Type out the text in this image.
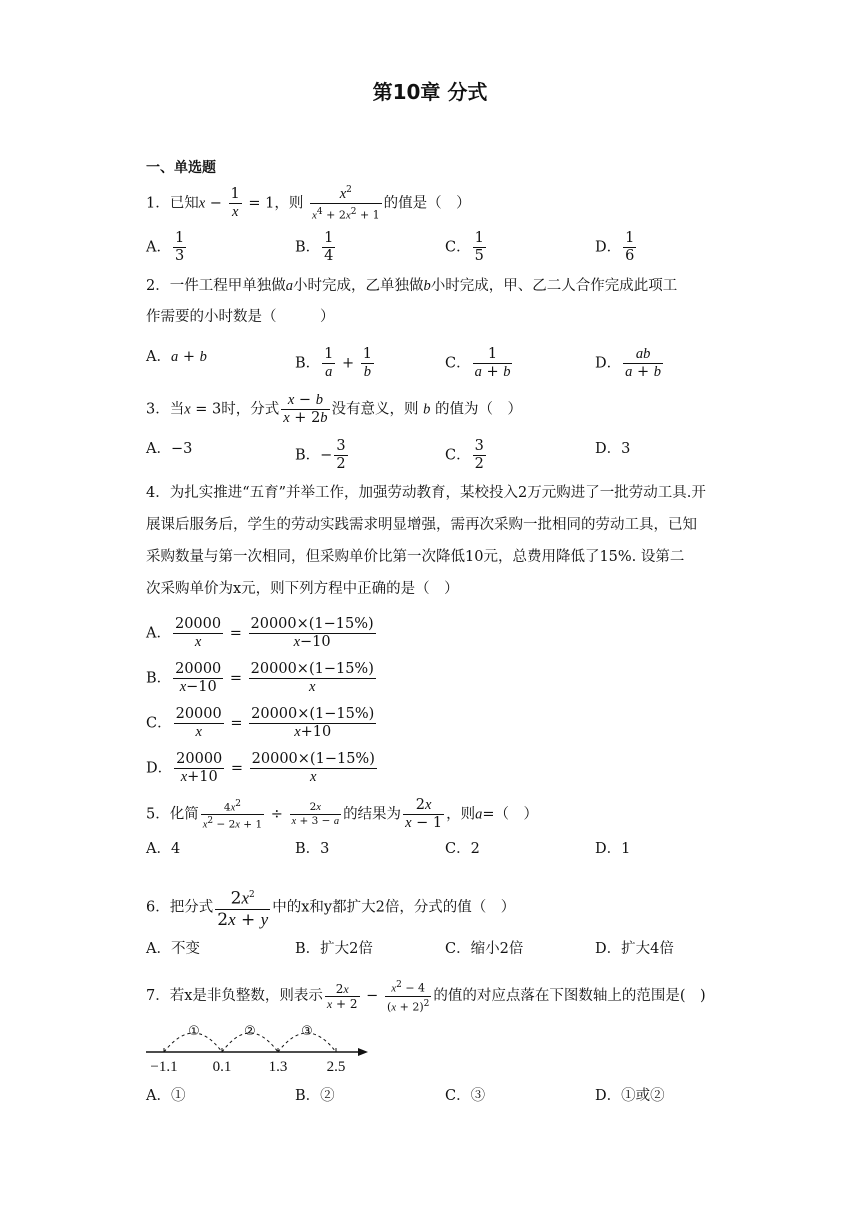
第10章 分式
一、单选题
1．已知$x - \frac{1}{x} = 1$，则 $\frac{x^2}{x^4 + 2x^2 + 1}$ 的值是（　）
A． $\frac{1}{3}$	B． $\frac{1}{4}$	C． $\frac{1}{5}$	D． $\frac{1}{6}$
2．一件工程甲单独做a小时完成，乙单独做b小时完成，甲、乙二人合作完成此项工
作需要的小时数是（　　　）
A．a + b	B． $\frac{1}{a} + \frac{1}{b}$	C． $\frac{1}{a + b}$	D． $\frac{ab}{a + b}$
3．当x = 3时，分式 $\frac{x - b}{x + 2b}$ 没有意义，则 b 的值为（　）
A．−3	B．− $\frac{3}{2}$	C． $\frac{3}{2}$	D．3
4．为扎实推进“五育”并举工作，加强劳动教育，某校投入2万元购进了一批劳动工具.开
展课后服务后，学生的劳动实践需求明显增强，需再次采购一批相同的劳动工具，已知
采购数量与第一次相同，但采购单价比第一次降低10元，总费用降低了15%. 设第二
次采购单价为x元，则下列方程中正确的是（　）
A． $\frac{20000}{x} = \frac{20000\times(1-15\%)}{x-10}$
B． $\frac{20000}{x-10} = \frac{20000\times(1-15\%)}{x}$
C． $\frac{20000}{x} = \frac{20000\times(1-15\%)}{x+10}$
D． $\frac{20000}{x+10} = \frac{20000\times(1-15\%)}{x}$
5．化简 $\frac{4x^2}{x^2 - 2x + 1} \div \frac{2x}{x + 3 - a}$ 的结果为 $\frac{2x}{x - 1}$ ，则a=（　）
A．4	B．3	C．2	D．1
6．把分式 $\frac{2x^2}{2x + y}$ 中的x和y都扩大2倍，分式的值（　）
A．不变	B．扩大2倍	C．缩小2倍	D．扩大4倍
7．若x是非负整数，则表示 $\frac{2x}{x + 2} - \frac{x^2 - 4}{(x + 2)^2}$ 的值的对应点落在下图数轴上的范围是(　)
①	②	③
−1.1 0.1 1.3	2.5
A．①	B．②	C．③	D．①或②
